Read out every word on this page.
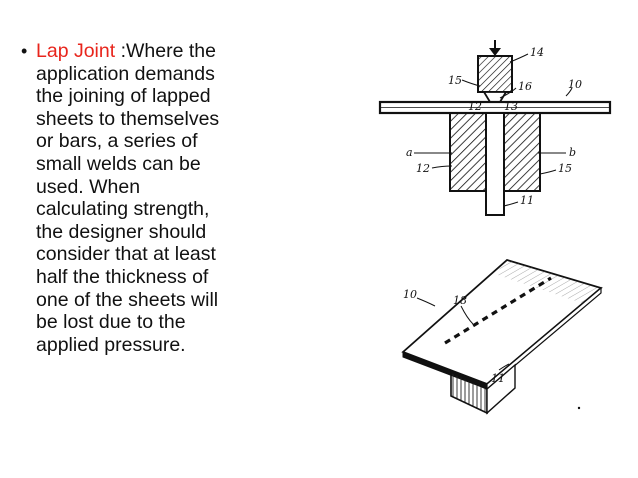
• Lap Joint :Where the
application demands
the joining of lapped
sheets to themselves
or bars, a series of
small welds can be
used. When
calculating strength,
the designer should
consider that at least
half the thickness of
one of the sheets will
be lost due to the
applied pressure.
14
15	16	10
12 13
a	b
12	15
11
10	18
11
